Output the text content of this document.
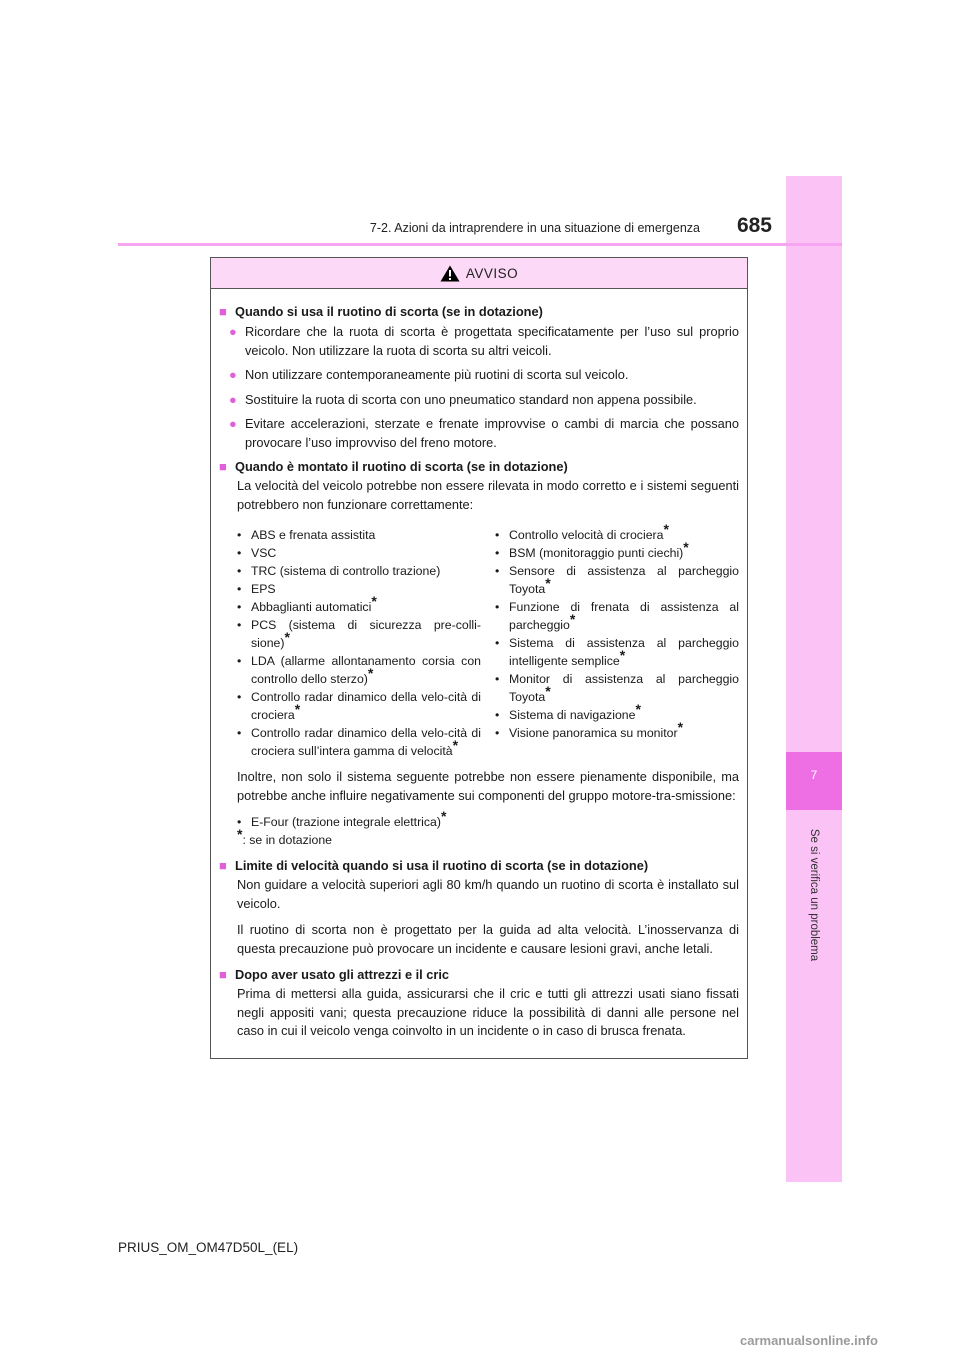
7
Se si verifica un problema
7-2. Azioni da intraprendere in una situazione di emergenza	685
AVVISO
■ Quando si usa il ruotino di scorta (se in dotazione)
● Ricordare che la ruota di scorta è progettata specificatamente per l’uso sul proprio veicolo. Non utilizzare la ruota di scorta su altri veicoli.
● Non utilizzare contemporaneamente più ruotini di scorta sul veicolo.
● Sostituire la ruota di scorta con uno pneumatico standard non appena possibile.
● Evitare accelerazioni, sterzate e frenate improvvise o cambi di marcia che possano provocare l’uso improvviso del freno motore.
■ Quando è montato il ruotino di scorta (se in dotazione)
La velocità del veicolo potrebbe non essere rilevata in modo corretto e i sistemi seguenti potrebbero non funzionare correttamente:
• ABS e frenata assistita
• VSC
• TRC (sistema di controllo trazione)
• EPS
• Abbaglianti automatici*
• PCS (sistema di sicurezza pre-colli-sione)*
• LDA (allarme allontanamento corsia con controllo dello sterzo)*
• Controllo radar dinamico della velo-cità di crociera*
• Controllo radar dinamico della velo-cità di crociera sull’intera gamma di velocità*
• Controllo velocità di crociera*
• BSM (monitoraggio punti ciechi)*
• Sensore di assistenza al parcheggio Toyota*
• Funzione di frenata di assistenza al parcheggio*
• Sistema di assistenza al parcheggio intelligente semplice*
• Monitor di assistenza al parcheggio Toyota*
• Sistema di navigazione*
• Visione panoramica su monitor*
Inoltre, non solo il sistema seguente potrebbe non essere pienamente disponibile, ma potrebbe anche influire negativamente sui componenti del gruppo motore-tra-smissione:
• E-Four (trazione integrale elettrica)*
*: se in dotazione
■ Limite di velocità quando si usa il ruotino di scorta (se in dotazione)
Non guidare a velocità superiori agli 80 km/h quando un ruotino di scorta è installato sul veicolo.
Il ruotino di scorta non è progettato per la guida ad alta velocità. L’inosservanza di questa precauzione può provocare un incidente e causare lesioni gravi, anche letali.
■ Dopo aver usato gli attrezzi e il cric
Prima di mettersi alla guida, assicurarsi che il cric e tutti gli attrezzi usati siano fissati negli appositi vani; questa precauzione riduce la possibilità di danni alle persone nel caso in cui il veicolo venga coinvolto in un incidente o in caso di brusca frenata.
PRIUS_OM_OM47D50L_(EL)
carmanualsonline.info
